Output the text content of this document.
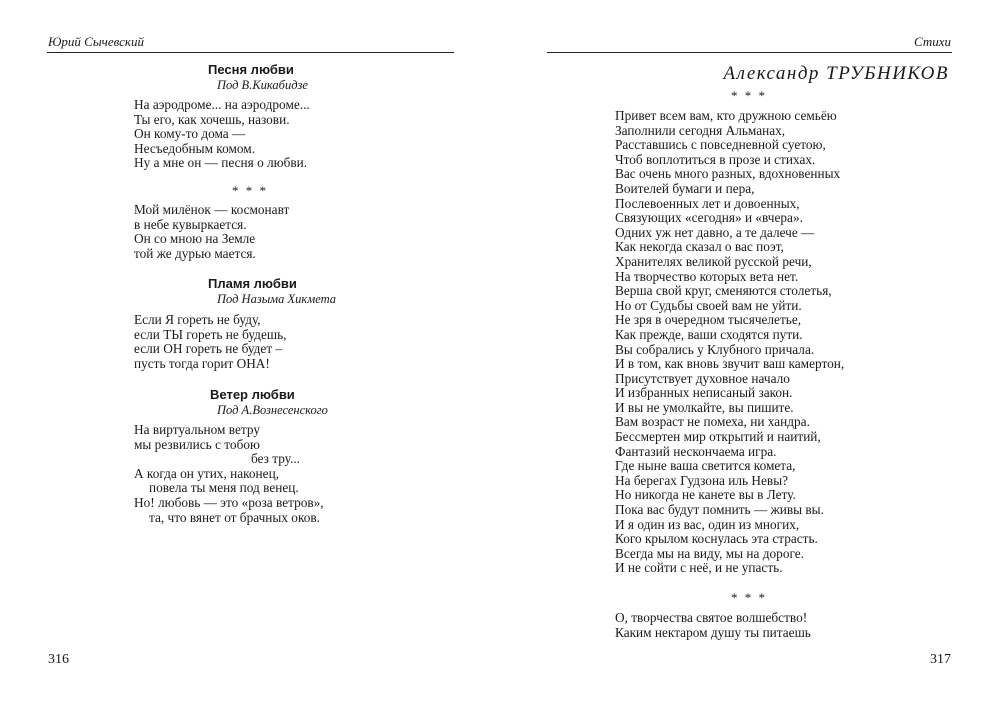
Юрий Сычевский
Песня любви
Под В.Кикабидзе
На аэродроме... на аэродроме...
Ты его, как хочешь, назови.
Он кому-то дома —
Несъедобным комом.
Ну а мне он — песня о любви.
* * *
Мой милёнок — космонавт
в небе кувыркается.
Он со мною на Земле
той же дурью мается.
Пламя любви
Под Назыма Хикмета
Если Я гореть не буду,
если ТЫ гореть не будешь,
если ОН гореть не будет –
пусть тогда горит ОНА!
Ветер любви
Под А.Вознесенского
На виртуальном ветру
мы резвились с тобою
без тру...
А когда он утих, наконец,
повела ты меня под венец.
Но! любовь — это «роза ветров»,
та, что вянет от брачных оков.
316
Стихи
Александр ТРУБНИКОВ
* * *
Привет всем вам, кто дружною семьёю
Заполнили сегодня Альманах,
Расставшись с повседневной суетою,
Чтоб воплотиться в прозе и стихах.
Вас очень много разных, вдохновенных
Воителей бумаги и пера,
Послевоенных лет и довоенных,
Связующих «сегодня» и «вчера».
Одних уж нет давно, а те далече —
Как некогда сказал о вас поэт,
Хранителях великой русской речи,
На творчество которых вета нет.
Верша свой круг, сменяются столетья,
Но от Судьбы своей вам не уйти.
Не зря в очередном тысячелетье,
Как прежде, ваши сходятся пути.
Вы собрались у Клубного причала.
И в том, как вновь звучит ваш камертон,
Присутствует духовное начало
И избранных неписаный закон.
И вы не умолкайте, вы пишите.
Вам возраст не помеха, ни хандра.
Бессмертен мир открытий и наитий,
Фантазий нескончаема игра.
Где ныне ваша светится комета,
На берегах Гудзона иль Невы?
Но никогда не канете вы в Лету.
Пока вас будут помнить — живы вы.
И я один из вас, один из многих,
Кого крылом коснулась эта страсть.
Всегда мы на виду, мы на дороге.
И не сойти с неё, и не упасть.
* * *
О, творчества святое волшебство!
Каким нектаром душу ты питаешь
317
